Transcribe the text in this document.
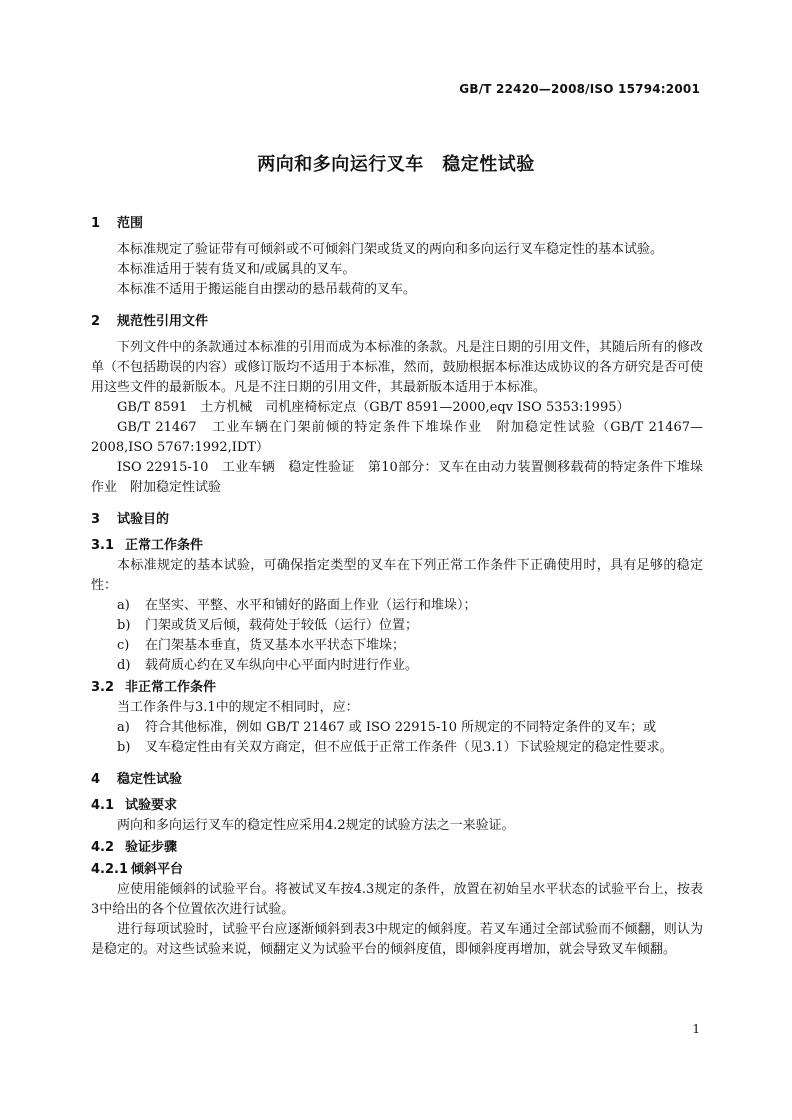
GB/T 22420—2008/ISO 15794:2001
两向和多向运行叉车　稳定性试验
1	范围

本标准规定了验证带有可倾斜或不可倾斜门架或货叉的两向和多向运行叉车稳定性的基本试验。

本标准适用于装有货叉和/或属具的叉车。

本标准不适用于搬运能自由摆动的悬吊载荷的叉车。

2	规范性引用文件

下列文件中的条款通过本标准的引用而成为本标准的条款。凡是注日期的引用文件，其随后所有的修改单（不包括勘误的内容）或修订版均不适用于本标准，然而，鼓励根据本标准达成协议的各方研究是否可使用这些文件的最新版本。凡是不注日期的引用文件，其最新版本适用于本标准。

GB/T 8591　土方机械　司机座椅标定点（GB/T 8591—2000,eqv ISO 5353:1995）

GB/T 21467　工业车辆在门架前倾的特定条件下堆垛作业　附加稳定性试验（GB/T 21467—2008,ISO 5767:1992,IDT）

ISO 22915-10　工业车辆　稳定性验证　第10部分：叉车在由动力装置侧移载荷的特定条件下堆垛作业　附加稳定性试验

3	试验目的
3.1 正常工作条件

本标准规定的基本试验，可确保指定类型的叉车在下列正常工作条件下正确使用时，具有足够的稳定性：

a)	在坚实、平整、水平和铺好的路面上作业（运行和堆垛）；
b)	门架或货叉后倾，载荷处于较低（运行）位置；
c)	在门架基本垂直，货叉基本水平状态下堆垛；
d)	载荷质心约在叉车纵向中心平面内时进行作业。
3.2 非正常工作条件

当工作条件与3.1中的规定不相同时，应：

a)	符合其他标准，例如 GB/T 21467 或 ISO 22915-10 所规定的不同特定条件的叉车；或
b)	叉车稳定性由有关双方商定，但不应低于正常工作条件（见3.1）下试验规定的稳定性要求。
4	稳定性试验
4.1 试验要求

两向和多向运行叉车的稳定性应采用4.2规定的试验方法之一来验证。

4.2 验证步骤
4.2.1 倾斜平台

应使用能倾斜的试验平台。将被试叉车按4.3规定的条件，放置在初始呈水平状态的试验平台上，按表3中给出的各个位置依次进行试验。

进行每项试验时，试验平台应逐渐倾斜到表3中规定的倾斜度。若叉车通过全部试验而不倾翻，则认为是稳定的。对这些试验来说，倾翻定义为试验平台的倾斜度值，即倾斜度再增加，就会导致叉车倾翻。

1
